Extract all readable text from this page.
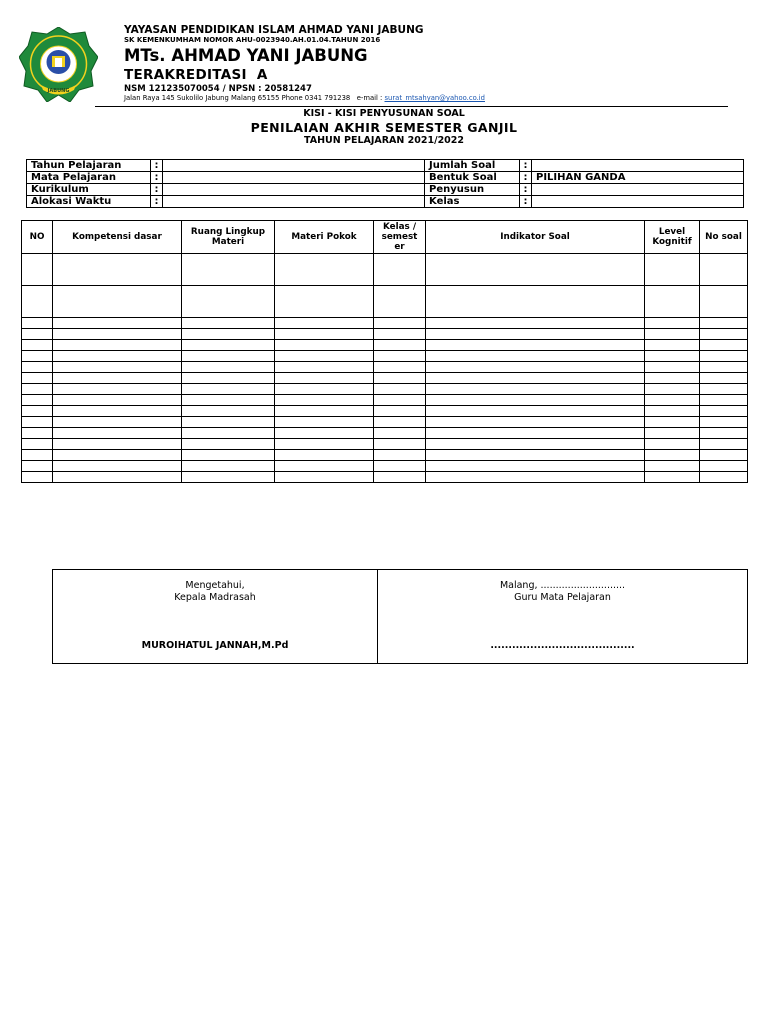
JABUNG
YAYASAN PENDIDIKAN ISLAM AHMAD YANI JABUNG
SK KEMENKUMHAM NOMOR AHU-0023940.AH.01.04.TAHUN 2016
MTs. AHMAD YANI JABUNG
TERAKREDITASI  A
NSM 121235070054 / NPSN : 20581247
Jalan Raya 145 Sukolilo Jabung Malang 65155 Phone 0341 791238   e-mail : surat_mtsahyan@yahoo.co.id
KISI - KISI PENYUSUNAN SOAL
PENILAIAN AKHIR SEMESTER GANJIL
TAHUN PELAJARAN 2021/2022
Tahun Pelajaran	:		Jumlah Soal	:	
Mata Pelajaran	:		Bentuk Soal	:	PILIHAN GANDA
Kurikulum	:		Penyusun	:	
Alokasi Waktu	:		Kelas	:	
NO	Kompetensi dasar	Ruang Lingkup Materi	Materi Pokok	Kelas / semest er	Indikator Soal	Level Kognitif	No soal

Mengetahui,
Kepala Madrasah
Malang, ............................
Guru Mata Pelajaran
MUROIHATUL JANNAH,M.Pd	........................................
